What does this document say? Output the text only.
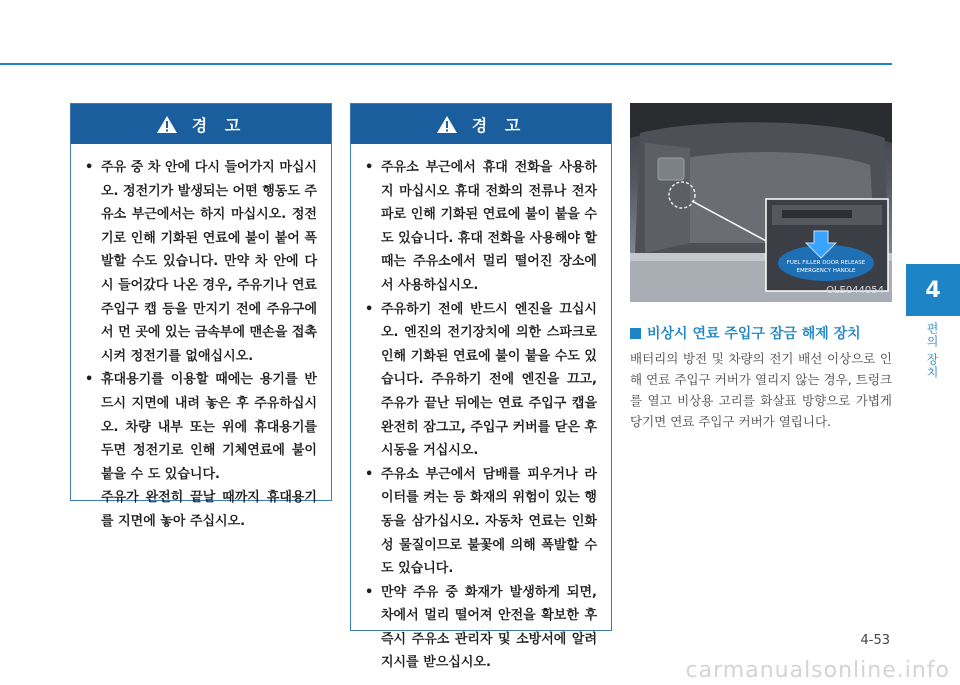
경 고
• 주유 중 차 안에 다시 들어가지 마십시오. 정전기가 발생되는 어떤 행동도 주유소 부근에서는 하지 마십시오. 정전기로 인해 기화된 연료에 불이 붙어 폭발할 수도 있습니다. 만약 차 안에 다시 들어갔다 나온 경우, 주유기나 연료 주입구 캡 등을 만지기 전에 주유구에서 먼 곳에 있는 금속부에 맨손을 접촉시켜 정전기를 없애십시오.
• 휴대용기를 이용할 때에는 용기를 반드시 지면에 내려 놓은 후 주유하십시오. 차량 내부 또는 위에 휴대용기를 두면 정전기로 인해 기체연료에 불이 붙을 수 도 있습니다.
주유가 완전히 끝날 때까지 휴대용기를 지면에 놓아 주십시오.
경 고
• 주유소 부근에서 휴대 전화을 사용하지 마십시오 휴대 전화의 전류나 전자파로 인해 기화된 연료에 불이 붙을 수도 있습니다. 휴대 전화을 사용해야 할 때는 주유소에서 멀리 떨어진 장소에서 사용하십시오.
• 주유하기 전에 반드시 엔진을 끄십시오. 엔진의 전기장치에 의한 스파크로 인해 기화된 연료에 불이 붙을 수도 있습니다. 주유하기 전에 엔진을 끄고, 주유가 끝난 뒤에는 연료 주입구 캡을 완전히 잠그고, 주입구 커버를 닫은 후 시동을 거십시오.
• 주유소 부근에서 담배를 피우거나 라이터를 켜는 등 화재의 위험이 있는 행동을 삼가십시오. 자동차 연료는 인화성 물질이므로 불꽃에 의해 폭발할 수도 있습니다.
• 만약 주유 중 화재가 발생하게 되면, 차에서 멀리 떨어져 안전을 확보한 후 즉시 주유소 관리자 및 소방서에 알려 지시를 받으십시오.
FUEL FILLER DOOR RELEASE
EMERGENCY HANDLE
OLE044054
비상시 연료 주입구 잠금 해제 장치
배터리의 방전 및 차량의 전기 배선 이상으로 인해 연료 주입구 커버가 열리지 않는 경우, 트렁크를 열고 비상용 고리를 화살표 방향으로 가볍게 당기면 연료 주입구 커버가 열립니다.
4
편의 장치
4-53
carmanualsonline.info
